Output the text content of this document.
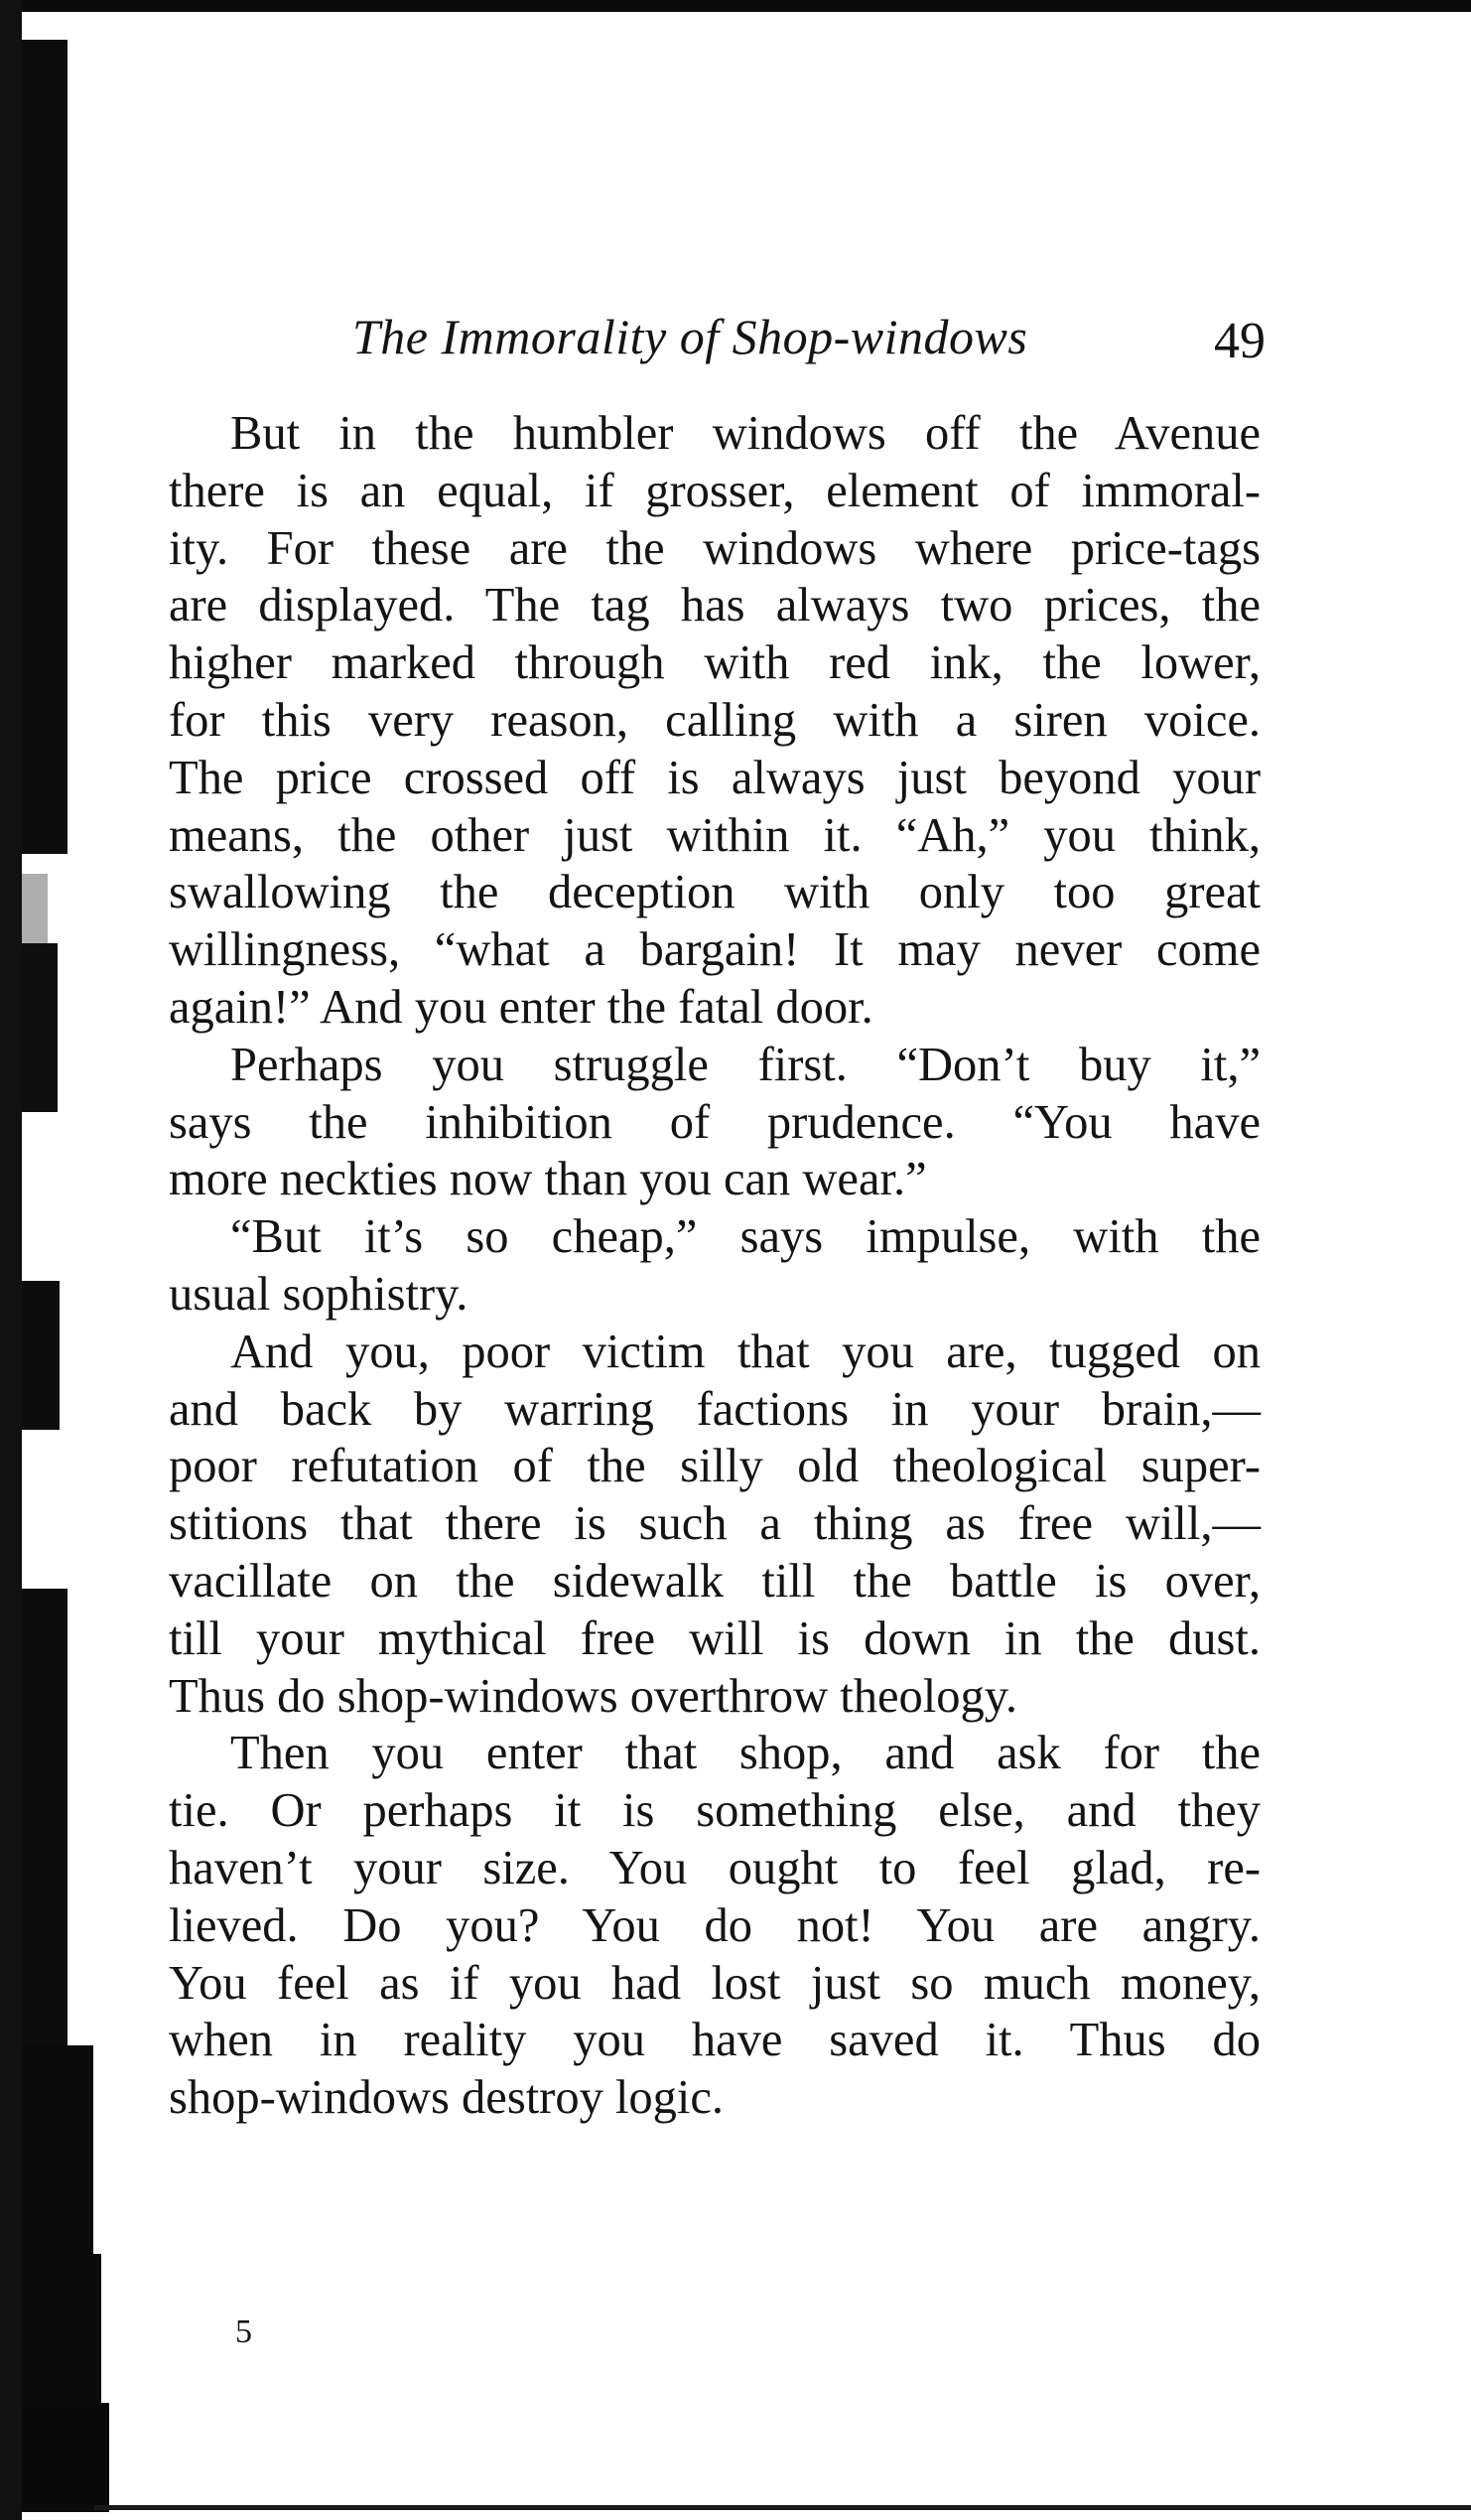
The Immorality of Shop-windows	49
But in the humbler windows off the Avenue
there is an equal, if grosser, element of immoral-
ity. For these are the windows where price-tags
are displayed. The tag has always two prices, the
higher marked through with red ink, the lower,
for this very reason, calling with a siren voice.
The price crossed off is always just beyond your
means, the other just within it. “Ah,” you think,
swallowing the deception with only too great
willingness, “what a bargain! It may never come
again!” And you enter the fatal door.
Perhaps you struggle first. “Don’t buy it,”
says the inhibition of prudence. “You have
more neckties now than you can wear.”
“But it’s so cheap,” says impulse, with the
usual sophistry.
And you, poor victim that you are, tugged on
and back by warring factions in your brain,—
poor refutation of the silly old theological super-
stitions that there is such a thing as free will,—
vacillate on the sidewalk till the battle is over,
till your mythical free will is down in the dust.
Thus do shop-windows overthrow theology.
Then you enter that shop, and ask for the
tie. Or perhaps it is something else, and they
haven’t your size. You ought to feel glad, re-
lieved. Do you? You do not! You are angry.
You feel as if you had lost just so much money,
when in reality you have saved it. Thus do
shop-windows destroy logic.
5
